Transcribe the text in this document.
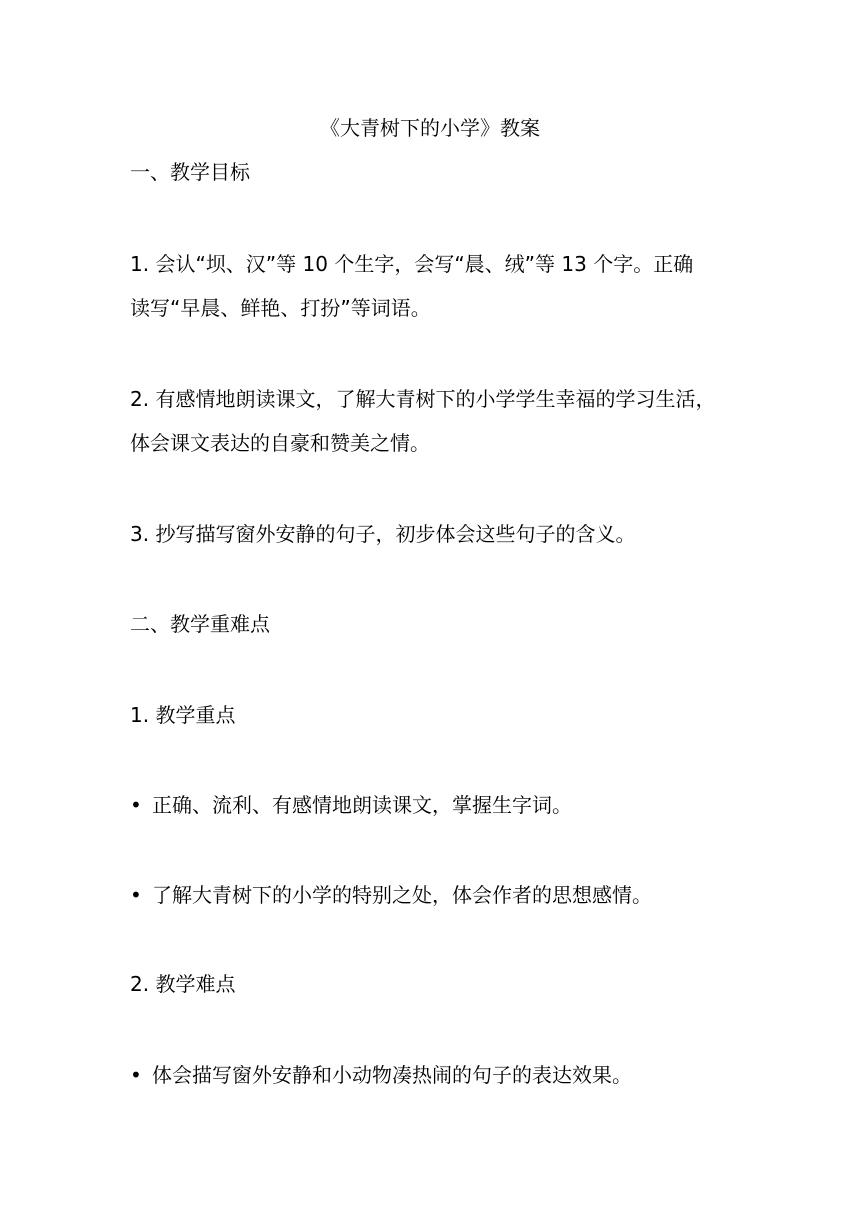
《大青树下的小学》教案
一、教学目标
1. 会认“坝、汉”等 10 个生字，会写“晨、绒”等 13 个字。正确
读写“早晨、鲜艳、打扮”等词语。
2. 有感情地朗读课文，了解大青树下的小学学生幸福的学习生活，
体会课文表达的自豪和赞美之情。
3. 抄写描写窗外安静的句子，初步体会这些句子的含义。
二、教学重难点
1. 教学重点
• 正确、流利、有感情地朗读课文，掌握生字词。
• 了解大青树下的小学的特别之处，体会作者的思想感情。
2. 教学难点
• 体会描写窗外安静和小动物凑热闹的句子的表达效果。
